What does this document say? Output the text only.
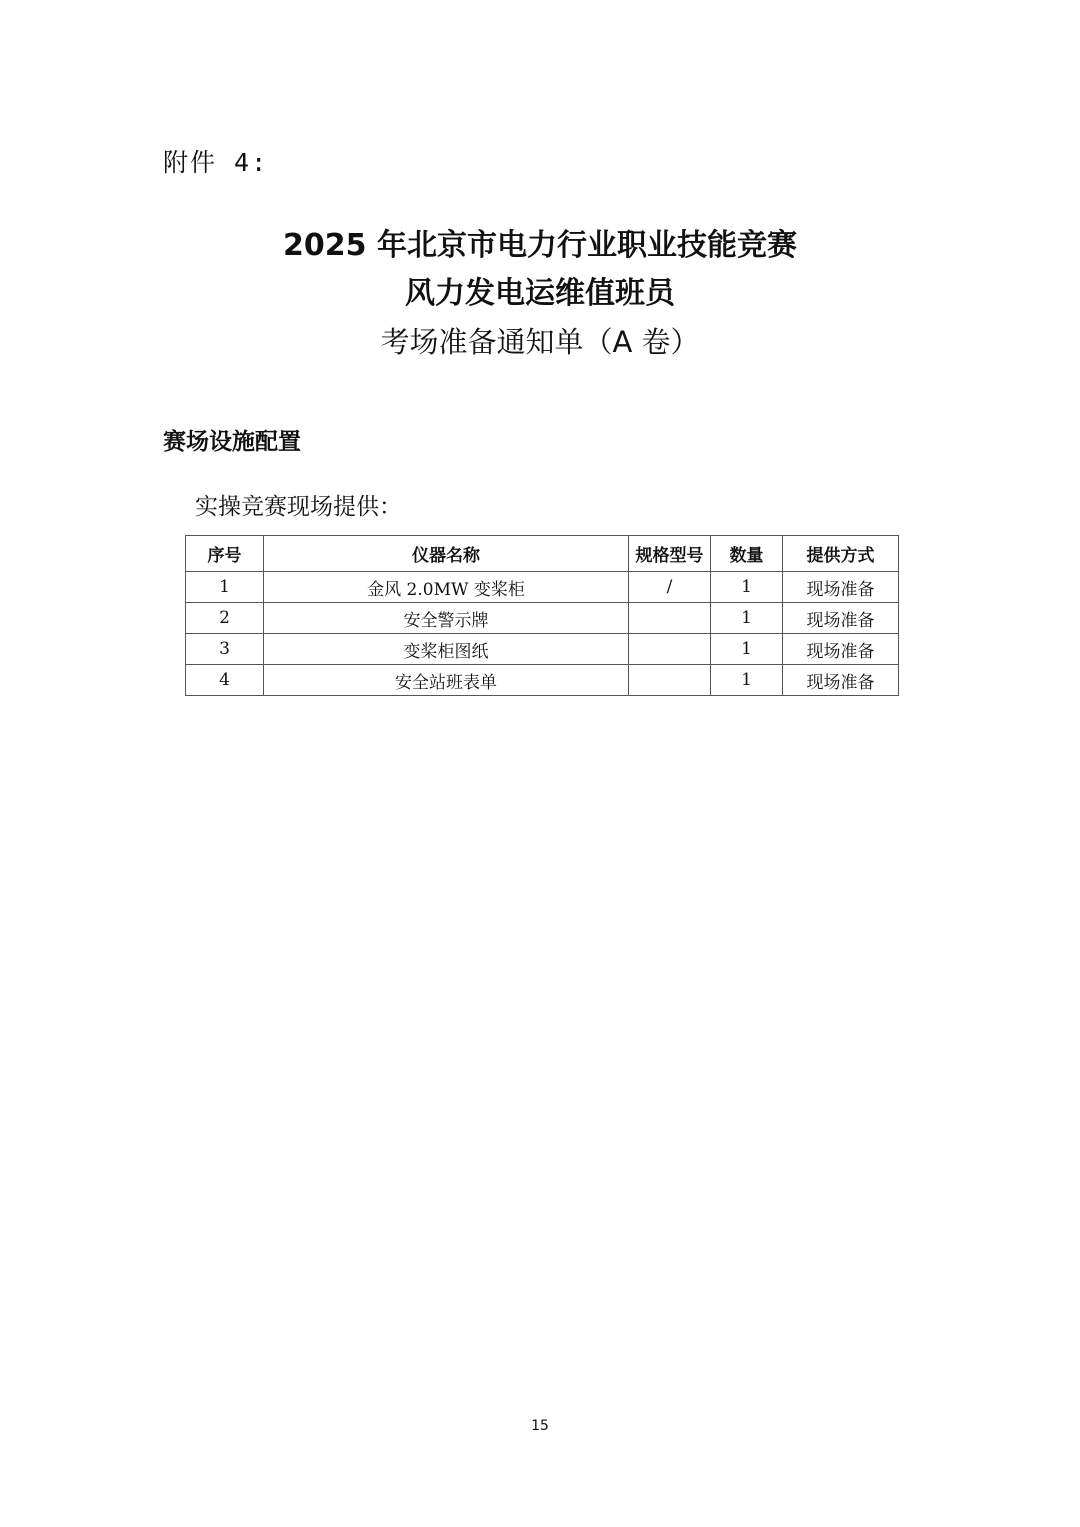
附件 4:
2025 年北京市电力行业职业技能竞赛
风力发电运维值班员
考场准备通知单（A 卷）
赛场设施配置
实操竞赛现场提供：
序号	仪器名称	规格型号	数量	提供方式
1	金风 2.0MW 变桨柜	/	1	现场准备
2	安全警示牌		1	现场准备
3	变桨柜图纸		1	现场准备
4	安全站班表单		1	现场准备
15
